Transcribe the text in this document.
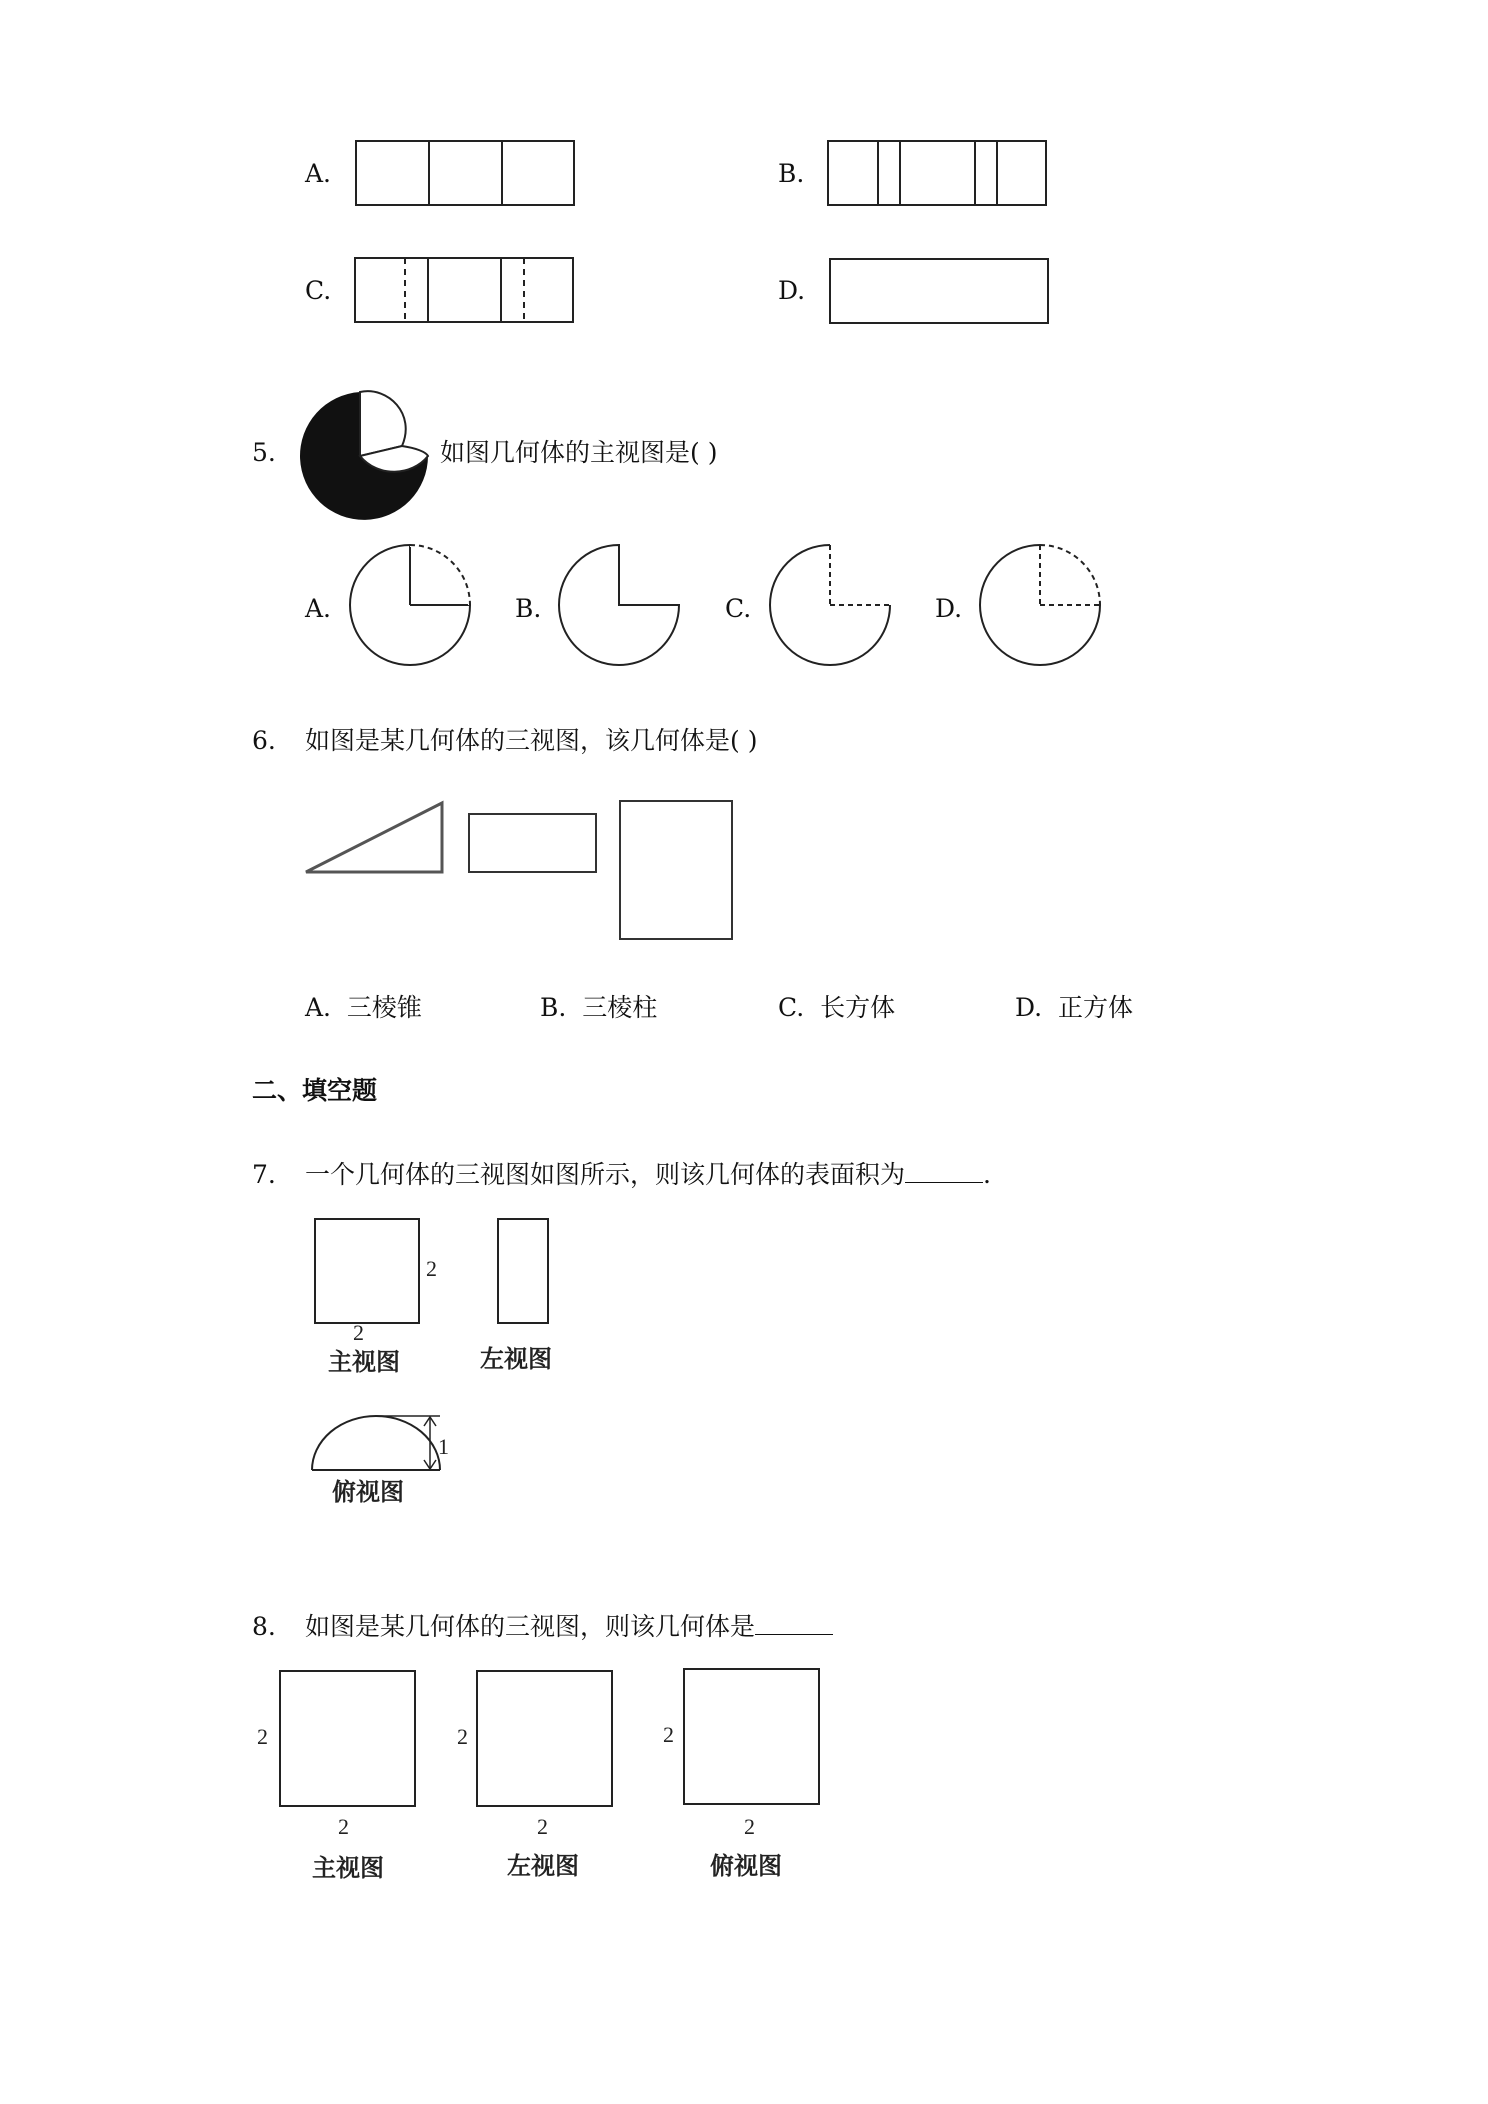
A.	B.
C.	D.
5.	如图几何体的主视图是( )
A.	B.	C.	D.
6. 如图是某几何体的三视图，该几何体是( )
A. 三棱锥	B. 三棱柱	C. 长方体	D. 正方体
二、填空题
7. 一个几何体的三视图如图所示，则该几何体的表面积为	.
2
2
主视图	左视图
1
俯视图
8. 如图是某几何体的三视图，则该几何体是
2
2
主视图
2
2
左视图
2
2
俯视图
